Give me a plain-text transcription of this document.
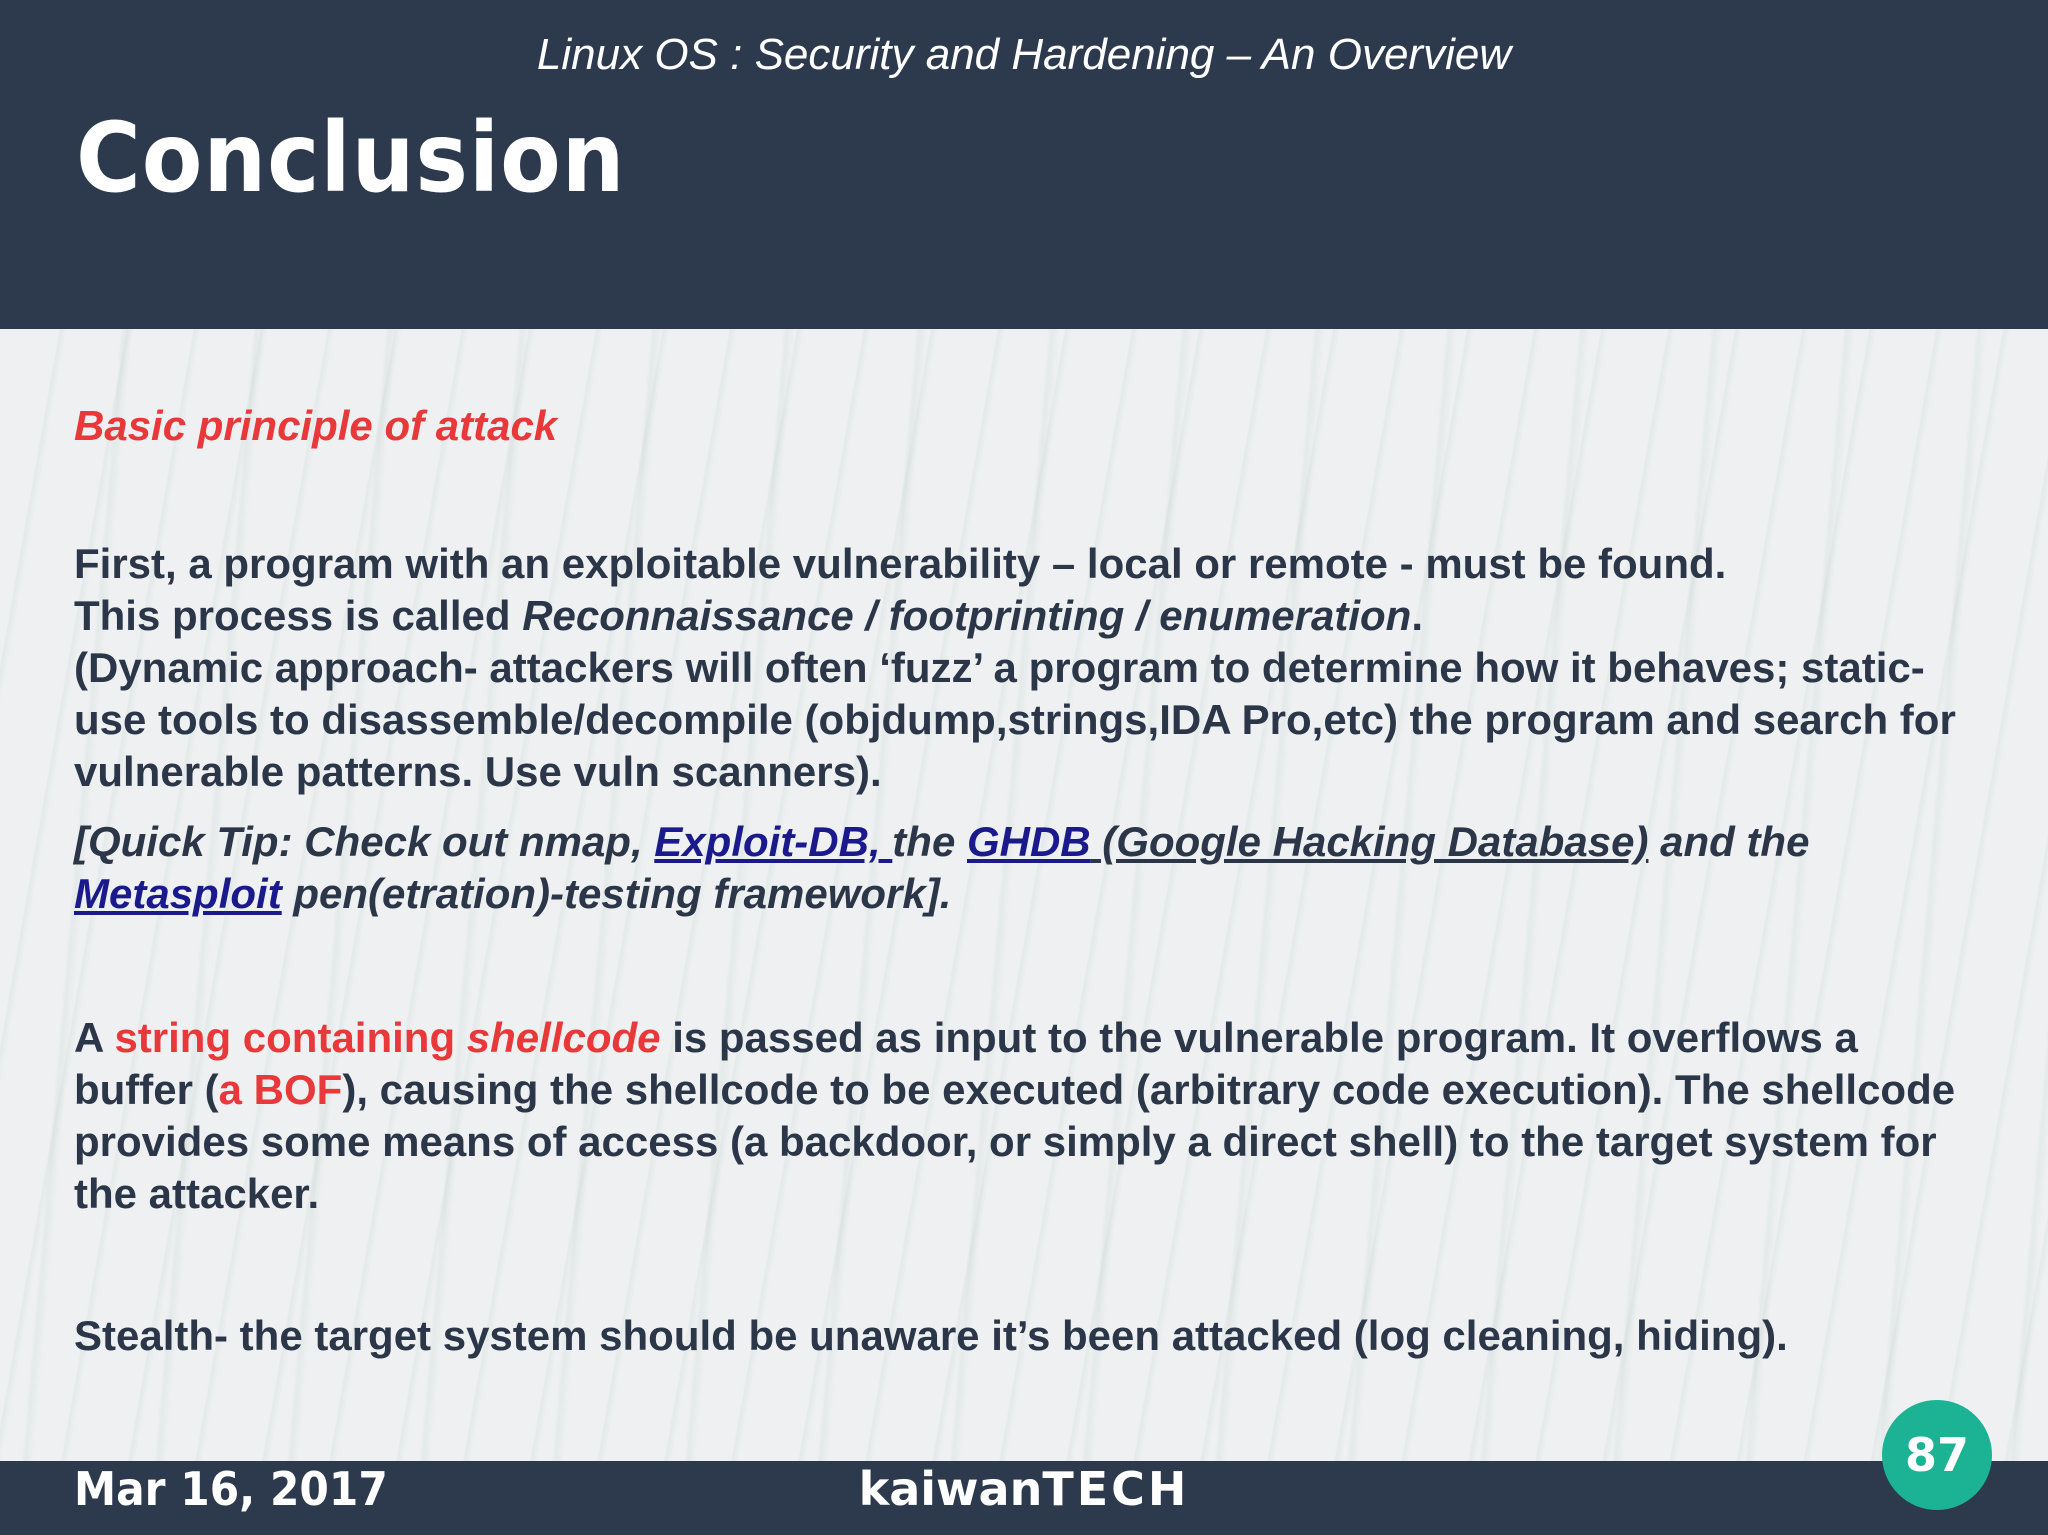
Linux OS : Security and Hardening – An Overview
Conclusion
Basic principle of attack

First, a program with an exploitable vulnerability – local or remote - must be found.
This process is called Reconnaissance / footprinting / enumeration.
(Dynamic approach- attackers will often ‘fuzz’ a program to determine how it behaves; static- use tools to disassemble/decompile (objdump,strings,IDA Pro,etc) the program and search for vulnerable patterns. Use vuln scanners).

[Quick Tip: Check out nmap, Exploit-DB, the GHDB (Google Hacking Database) and the Metasploit pen(etration)-testing framework].

A string containing shellcode is passed as input to the vulnerable program. It overflows a buffer (a BOF), causing the shellcode to be executed (arbitrary code execution). The shellcode provides some means of access (a backdoor, or simply a direct shell) to the target system for the attacker.

Stealth- the target system should be unaware it’s been attacked (log cleaning, hiding).

Mar 16, 2017	kaiwanTECH
87
